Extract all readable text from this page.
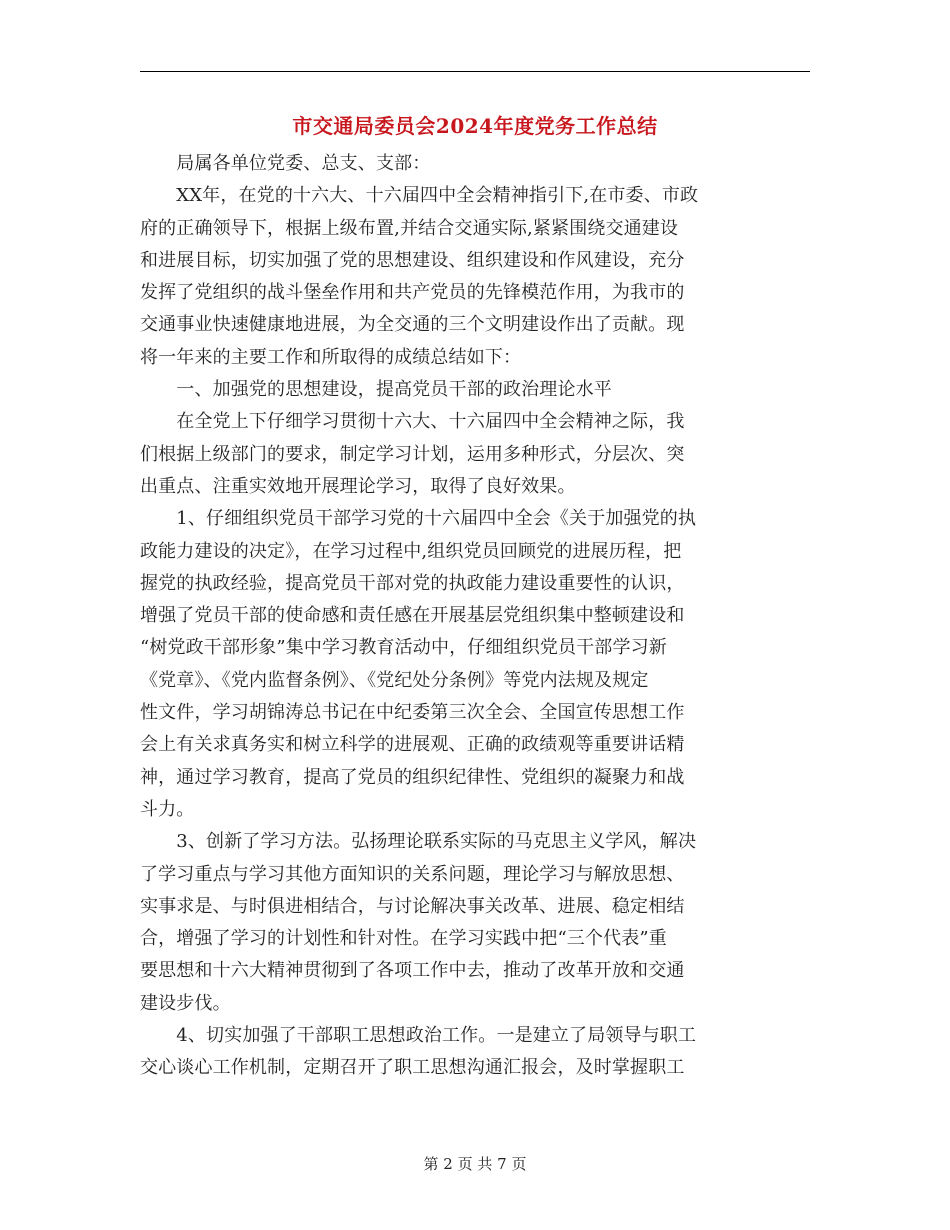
市交通局委员会2024年度党务工作总结
　　局属各单位党委、总支、支部：
　　XX年，在党的十六大、十六届四中全会精神指引下,在市委、市政
府的正确领导下，根据上级布置,并结合交通实际,紧紧围绕交通建设
和进展目标，切实加强了党的思想建设、组织建设和作风建设，充分
发挥了党组织的战斗堡垒作用和共产党员的先锋模范作用，为我市的
交通事业快速健康地进展，为全交通的三个文明建设作出了贡献。现
将一年来的主要工作和所取得的成绩总结如下：
　　一、加强党的思想建设，提高党员干部的政治理论水平
　　在全党上下仔细学习贯彻十六大、十六届四中全会精神之际，我
们根据上级部门的要求，制定学习计划，运用多种形式，分层次、突
出重点、注重实效地开展理论学习，取得了良好效果。
　　1、仔细组织党员干部学习党的十六届四中全会《关于加强党的执
政能力建设的决定》，在学习过程中,组织党员回顾党的进展历程，把
握党的执政经验，提高党员干部对党的执政能力建设重要性的认识，
增强了党员干部的使命感和责任感在开展基层党组织集中整顿建设和
“树党政干部形象”集中学习教育活动中，仔细组织党员干部学习新
《党章》、《党内监督条例》、《党纪处分条例》等党内法规及规定
性文件，学习胡锦涛总书记在中纪委第三次全会、全国宣传思想工作
会上有关求真务实和树立科学的进展观、正确的政绩观等重要讲话精
神，通过学习教育，提高了党员的组织纪律性、党组织的凝聚力和战
斗力。
　　3、创新了学习方法。弘扬理论联系实际的马克思主义学风，解决
了学习重点与学习其他方面知识的关系问题，理论学习与解放思想、
实事求是、与时俱进相结合，与讨论解决事关改革、进展、稳定相结
合，增强了学习的计划性和针对性。在学习实践中把“三个代表”重
要思想和十六大精神贯彻到了各项工作中去，推动了改革开放和交通
建设步伐。
　　4、切实加强了干部职工思想政治工作。一是建立了局领导与职工
交心谈心工作机制，定期召开了职工思想沟通汇报会，及时掌握职工
第 2 页 共 7 页
